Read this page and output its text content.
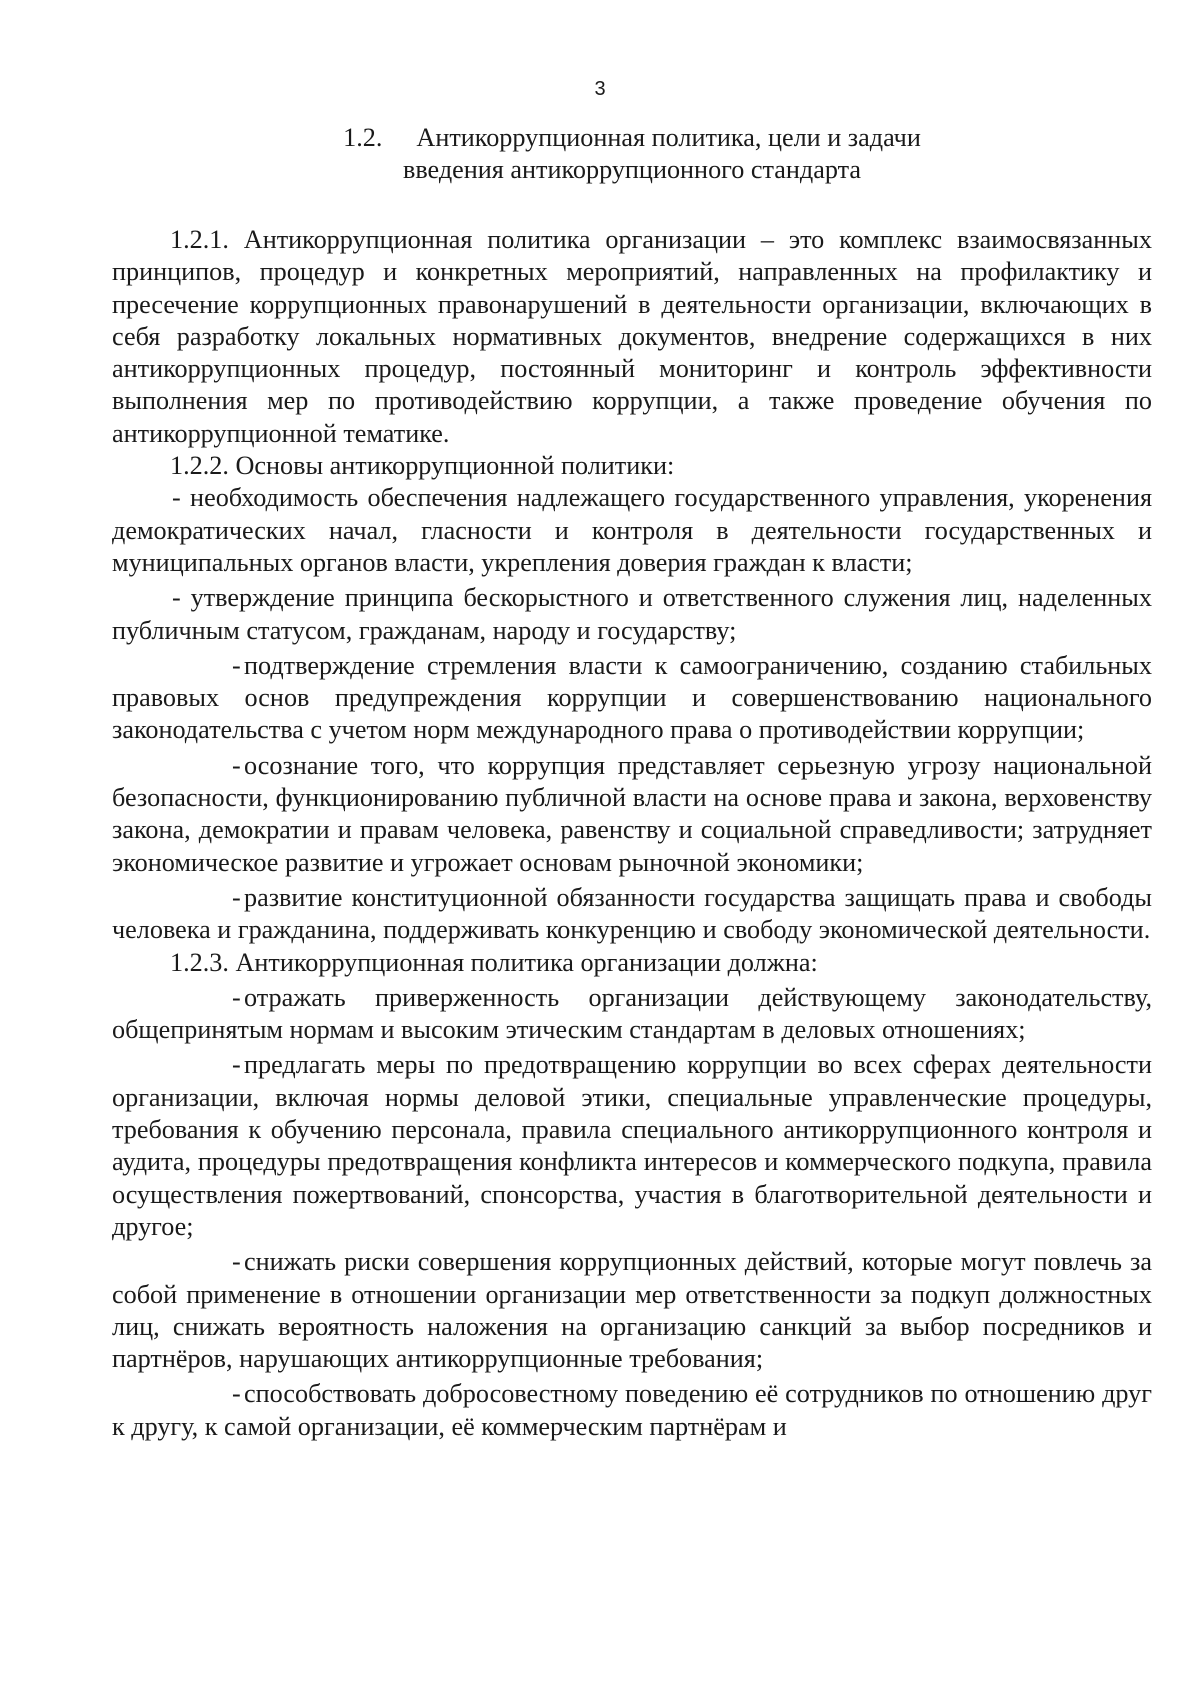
3
1.2. Антикоррупционная политика, цели и задачи
введения антикоррупционного стандарта

1.2.1. Антикоррупционная политика организации – это комплекс взаимосвязанных принципов, процедур и конкретных мероприятий, направленных на профилактику и пресечение коррупционных правонарушений в деятельности организации, включающих в себя разработку локальных нормативных документов, внедрение содержащихся в них антикоррупционных процедур, постоянный мониторинг и контроль эффективности выполнения мер по противодействию коррупции, а также проведение обучения по антикоррупционной тематике.

1.2.2. Основы антикоррупционной политики:

- необходимость обеспечения надлежащего государственного управления, укоренения демократических начал, гласности и контроля в деятельности государственных и муниципальных органов власти, укрепления доверия граждан к власти;

- утверждение принципа бескорыстного и ответственного служения лиц, наделенных публичным статусом, гражданам, народу и государству;

- подтверждение стремления власти к самоограничению, созданию стабильных правовых основ предупреждения коррупции и совершенствованию национального законодательства с учетом норм международного права о противодействии коррупции;

- осознание того, что коррупция представляет серьезную угрозу национальной безопасности, функционированию публичной власти на основе права и закона, верховенству закона, демократии и правам человека, равенству и социальной справедливости; затрудняет экономическое развитие и угрожает основам рыночной экономики;

- развитие конституционной обязанности государства защищать права и свободы человека и гражданина, поддерживать конкуренцию и свободу экономической деятельности.

1.2.3. Антикоррупционная политика организации должна:

- отражать приверженность организации действующему законодательству, общепринятым нормам и высоким этическим стандартам в деловых отношениях;

- предлагать меры по предотвращению коррупции во всех сферах деятельности организации, включая нормы деловой этики, специальные управленческие процедуры, требования к обучению персонала, правила специального антикоррупционного контроля и аудита, процедуры предотвращения конфликта интересов и коммерческого подкупа, правила осуществления пожертвований, спонсорства, участия в благотворительной деятельности и другое;

- снижать риски совершения коррупционных действий, которые могут повлечь за собой применение в отношении организации мер ответственности за подкуп должностных лиц, снижать вероятность наложения на организацию санкций за выбор посредников и партнёров, нарушающих антикоррупционные требования;

- способствовать добросовестному поведению её сотрудников по отношению друг к другу, к самой организации, её коммерческим партнёрам и
